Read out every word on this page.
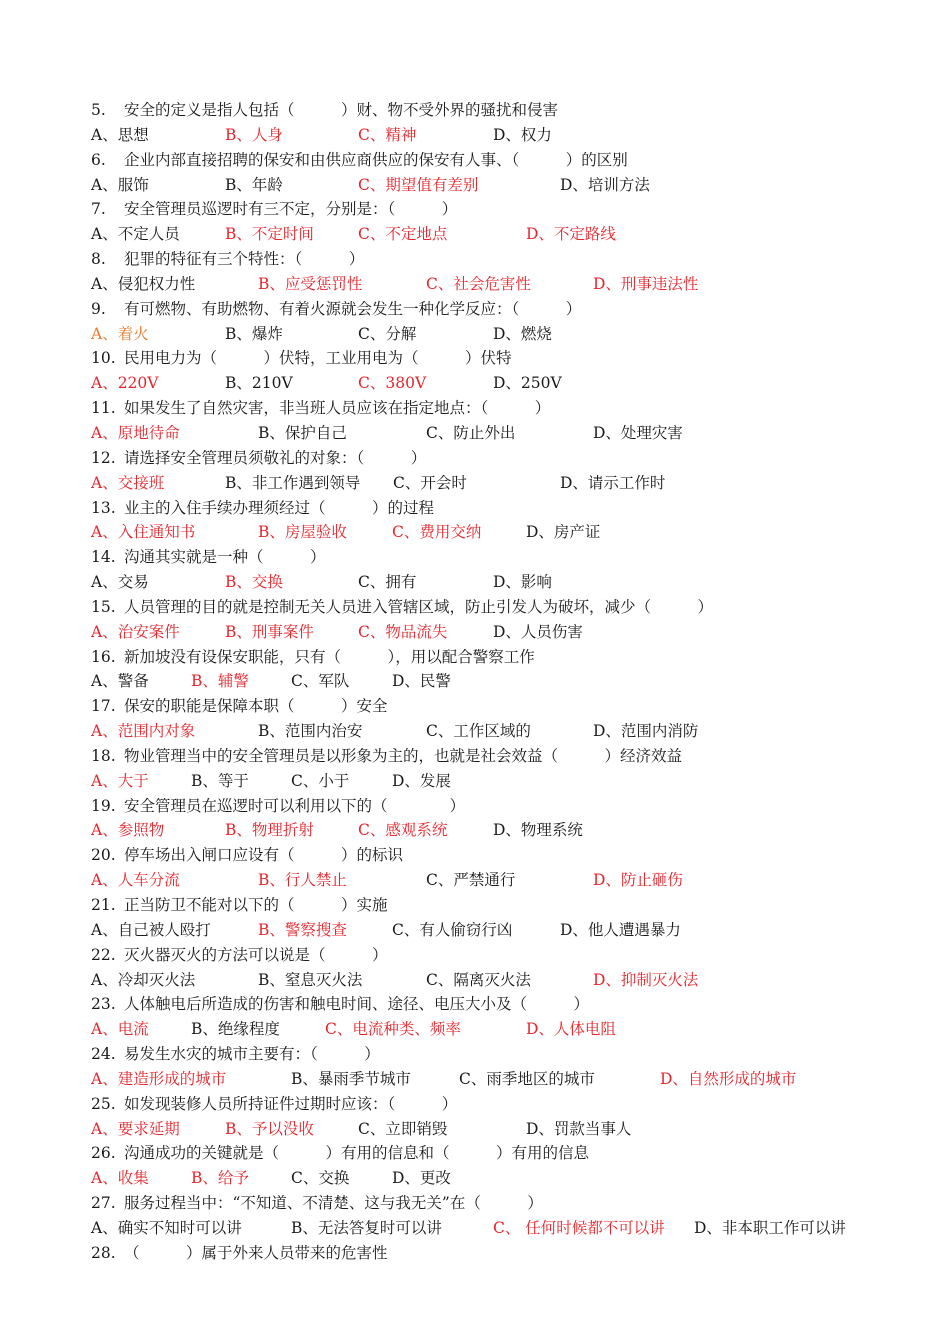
5. 安全的定义是指人包括（　　　）财、物不受外界的骚扰和侵害
A、思想	B、人身	C、精神	D、权力
6. 企业内部直接招聘的保安和由供应商供应的保安有人事、（　　　）的区别
A、服饰	B、年龄	C、期望值有差别	D、培训方法
7. 安全管理员巡逻时有三不定，分别是：（　　　）
A、不定人员	B、不定时间	C、不定地点	D、不定路线
8. 犯罪的特征有三个特性：（　　　）
A、侵犯权力性	B、应受惩罚性	C、社会危害性	D、刑事违法性
9. 有可燃物、有助燃物、有着火源就会发生一种化学反应：（　　　）
A、着火	B、爆炸	C、分解	D、燃烧
10. 民用电力为（　　　）伏特，工业用电为（　　　）伏特
A、220V	B、210V	C、380V	D、250V
11. 如果发生了自然灾害，非当班人员应该在指定地点：（　　　）
A、原地待命	B、保护自己	C、防止外出	D、处理灾害
12. 请选择安全管理员须敬礼的对象：（　　　）
A、交接班	B、非工作遇到领导 C、开会时	D、请示工作时
13. 业主的入住手续办理须经过（　　　）的过程
A、入住通知书	B、房屋验收	C、费用交纳	D、房产证
14. 沟通其实就是一种（　　　）
A、交易	B、交换	C、拥有	D、影响
15. 人员管理的目的就是控制无关人员进入管辖区域，防止引发人为破坏，减少（　　　）
A、治安案件	B、刑事案件	C、物品流失	D、人员伤害
16. 新加坡没有设保安职能，只有（　　　），用以配合警察工作
A、警备	B、辅警	C、军队	D、民警
17. 保安的职能是保障本职（　　　）安全
A、范围内对象	B、范围内治安	C、工作区域的	D、范围内消防
18. 物业管理当中的安全管理员是以形象为主的，也就是社会效益（　　　）经济效益
A、大于	B、等于	C、小于	D、发展
19. 安全管理员在巡逻时可以利用以下的（　　　　）
A、参照物	B、物理折射	C、感观系统	D、物理系统
20. 停车场出入闸口应设有（　　　）的标识
A、人车分流	B、行人禁止	C、严禁通行	D、防止砸伤
21. 正当防卫不能对以下的（　　　）实施
A、自己被人殴打	B、警察搜查	C、有人偷窃行凶	D、他人遭遇暴力
22. 灭火器灭火的方法可以说是（　　　）
A、冷却灭火法	B、窒息灭火法	C、隔离灭火法	D、抑制灭火法
23. 人体触电后所造成的伤害和触电时间、途径、电压大小及（　　　）
A、电流	B、绝缘程度	C、电流种类、频率	D、人体电阻
24. 易发生水灾的城市主要有：（　　　）
A、建造形成的城市	B、暴雨季节城市	C、雨季地区的城市	D、自然形成的城市
25. 如发现装修人员所持证件过期时应该：（　　　）
A、要求延期	B、予以没收	C、立即销毁	D、罚款当事人
26. 沟通成功的关键就是（　　　）有用的信息和（　　　）有用的信息
A、收集	B、给予	C、交换	D、更改
27. 服务过程当中：“不知道、不清楚、这与我无关”在（　　　）
A、确实不知时可以讲	B、无法答复时可以讲	C、 任何时候都不可以讲 D、非本职工作可以讲
28. （　　　）属于外来人员带来的危害性
